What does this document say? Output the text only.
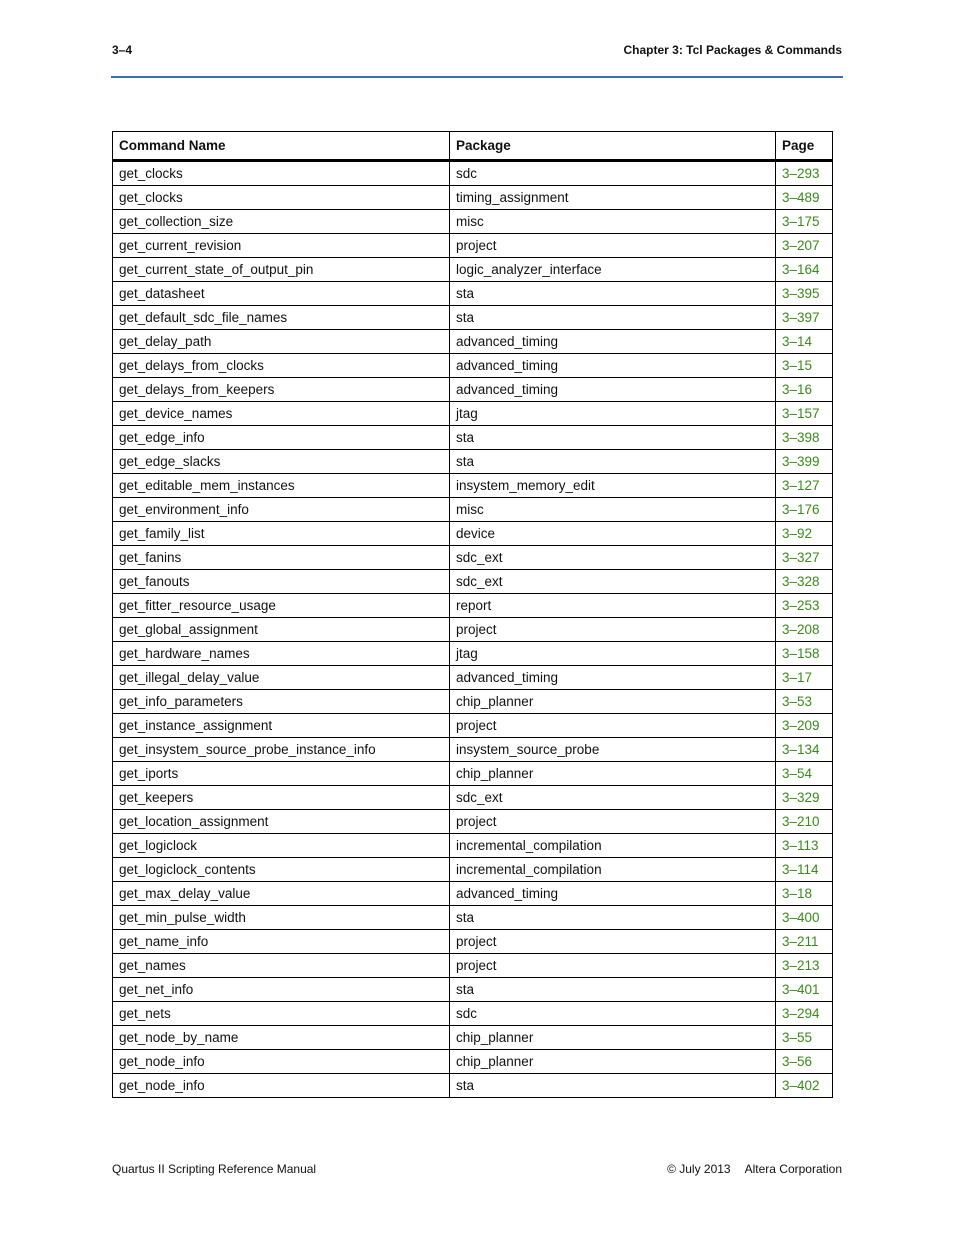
3–4	Chapter 3: Tcl Packages & Commands
Command Name	Package	Page
get_clocks	sdc	3–293
get_clocks	timing_assignment	3–489
get_collection_size	misc	3–175
get_current_revision	project	3–207
get_current_state_of_output_pin	logic_analyzer_interface	3–164
get_datasheet	sta	3–395
get_default_sdc_file_names	sta	3–397
get_delay_path	advanced_timing	3–14
get_delays_from_clocks	advanced_timing	3–15
get_delays_from_keepers	advanced_timing	3–16
get_device_names	jtag	3–157
get_edge_info	sta	3–398
get_edge_slacks	sta	3–399
get_editable_mem_instances	insystem_memory_edit	3–127
get_environment_info	misc	3–176
get_family_list	device	3–92
get_fanins	sdc_ext	3–327
get_fanouts	sdc_ext	3–328
get_fitter_resource_usage	report	3–253
get_global_assignment	project	3–208
get_hardware_names	jtag	3–158
get_illegal_delay_value	advanced_timing	3–17
get_info_parameters	chip_planner	3–53
get_instance_assignment	project	3–209
get_insystem_source_probe_instance_info	insystem_source_probe	3–134
get_iports	chip_planner	3–54
get_keepers	sdc_ext	3–329
get_location_assignment	project	3–210
get_logiclock	incremental_compilation	3–113
get_logiclock_contents	incremental_compilation	3–114
get_max_delay_value	advanced_timing	3–18
get_min_pulse_width	sta	3–400
get_name_info	project	3–211
get_names	project	3–213
get_net_info	sta	3–401
get_nets	sdc	3–294
get_node_by_name	chip_planner	3–55
get_node_info	chip_planner	3–56
get_node_info	sta	3–402
Quartus II Scripting Reference Manual	© July 2013 Altera Corporation
